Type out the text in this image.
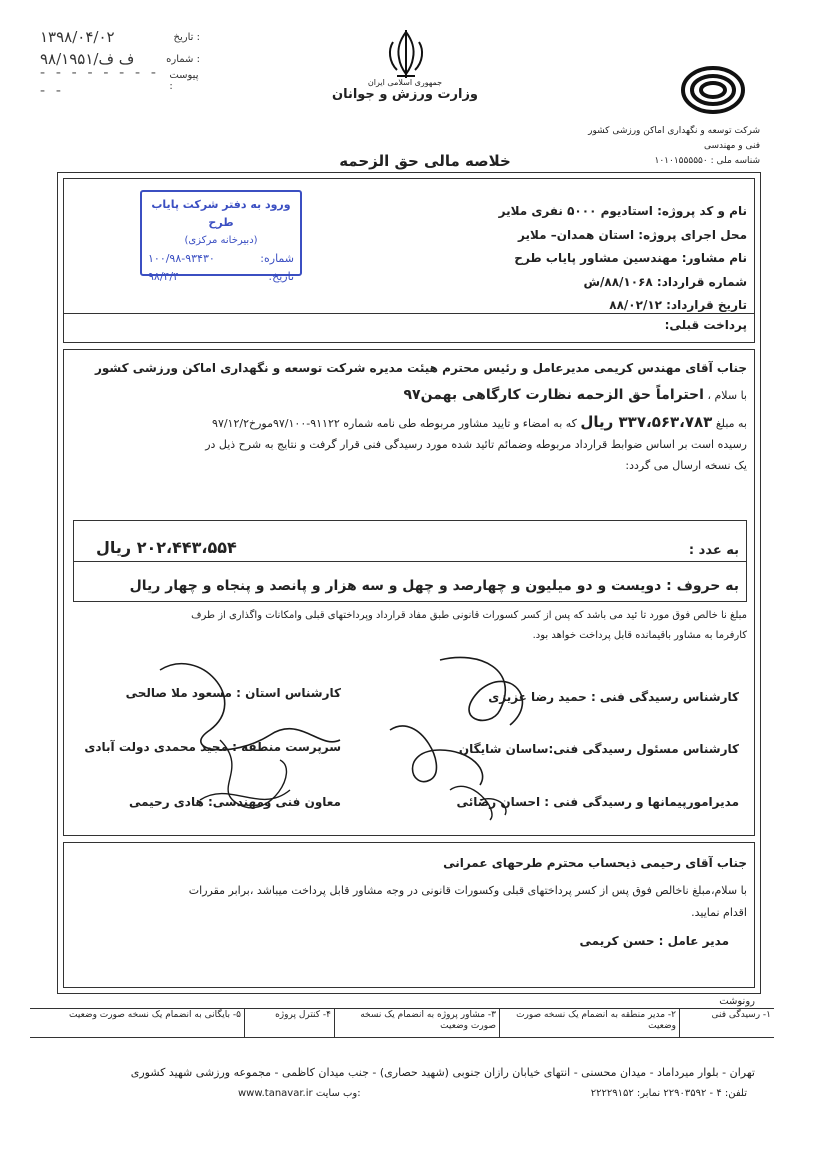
۱۳۹۸/۰۴/۰۲	تاریخ :
۹۸/۱۹۵۱/ف ف	شماره :
- - - - - - - - - -
پیوست :	جمهوری اسلامی ایران
وزارت ورزش و جوانان
شرکت توسعه و نگهداری اماکن ورزشی کشور
فنی و مهندسی
شناسه ملی : ۱۰۱۰۱۵۵۵۵۵۰
خلاصه مالی حق الزحمه
نام و کد پروژه: استادیوم ۵۰۰۰ نفری ملایر
محل اجرای پروژه: استان همدان– ملایر
نام مشاور: مهندسین مشاور پایاب طرح
شماره قرارداد: ۸۸/۱۰۶۸/ش
تاریخ قرارداد: ۸۸/۰۲/۱۲
پرداخت قبلی:
ورود به دفتر شرکت پایاب طرح
(دبیرخانه مرکزی)
شماره:
۱۰۰/۹۸-۹۳۴۳۰
تاریخ:
۹۸/۴/۴
جناب آقای مهندس کریمی مدیرعامل و رئیس محترم هیئت مدیره شرکت توسعه و نگهداری اماکن ورزشی کشور
با سلام ، احتراماً حق الزحمه نظارت کارگاهی بهمن۹۷
به مبلغ ۳۳۷،۵۶۳،۷۸۳ ریال که به امضاء و تایید مشاور مربوطه طی نامه شماره ۹۱۱۲۲-۹۷/۱۰۰مورخ۹۷/۱۲/۲
رسیده است بر اساس ضوابط قرارداد مربوطه وضمائم تائید شده مورد رسیدگی فنی قرار گرفت و نتایج به شرح ذیل در
یک نسخه ارسال می گردد:
به عدد :
۲۰۲،۴۴۳،۵۵۴ ریال
به حروف : دویست و دو میلیون و چهارصد و چهل و سه هزار و پانصد و پنجاه و چهار ریال
مبلغ نا خالص فوق مورد تا ئید می باشد که پس از کسر کسورات قانونی طبق مفاد قرارداد وپرداختهای قبلی وامکانات واگذاری از طرف
کارفرما به مشاور باقیمانده قابل پرداخت خواهد بود.
کارشناس رسیدگی فنی : حمید رضا عزیزی
کارشناس مسئول رسیدگی فنی:ساسان شایگان
مدیرامورپیمانها و رسیدگی فنی : احسان رضائی
کارشناس استان : مسعود ملا صالحی
سرپرست منطقه : مجید محمدی دولت آبادی
معاون فنی ومهندسی: هادی رحیمی
جناب آقای رحیمی ذیحساب محترم طرحهای عمرانی
با سلام،مبلغ ناخالص فوق پس از کسر پرداختهای قبلی وکسورات قانونی در وجه مشاور قابل پرداخت میباشد ،برابر مقررات
اقدام نمایید.
مدیر عامل : حسن کریمی
رونوشت
۱- رسیدگی فنی
۲- مدیر منطقه به انضمام یک نسخه صورت وضعیت
۳- مشاور پروژه به انضمام یک نسخه صورت وضعیت
۴- کنترل پروژه
۵- بایگانی به انضمام یک نسخه صورت وضعیت
تهران - بلوار میرداماد - میدان محسنی - انتهای خیابان رازان جنوبی (شهید حصاری) - جنب میدان کاظمی - مجموعه ورزشی شهید کشوری
www.tanavar.ir وب سایت:	تلفن: ۴ - ۲۲۹۰۳۵۹۲ نمابر: ۲۲۲۲۹۱۵۲
